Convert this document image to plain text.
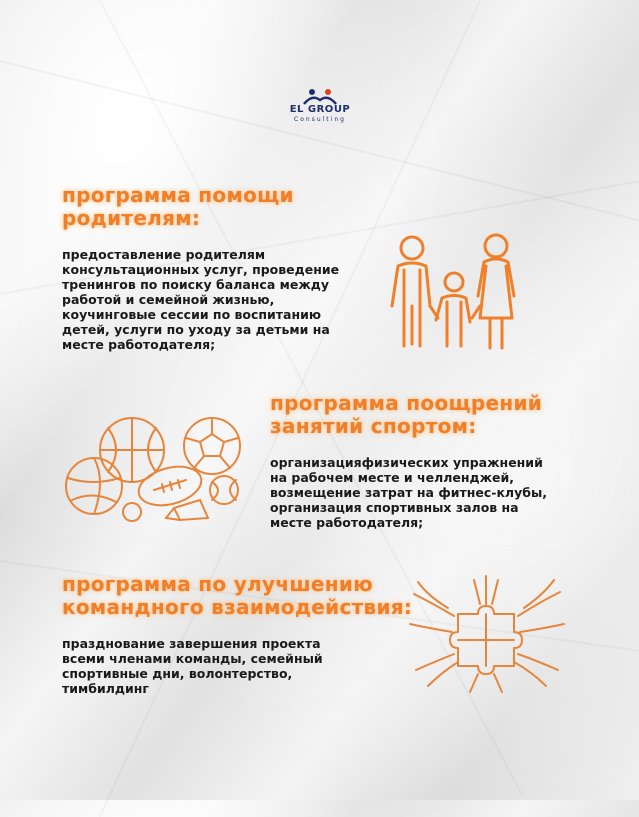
EL GROUP
Consulting
программа помощи
родителям:

предоставление родителям
консультационных услуг, проведение
тренингов по поиску баланса между
работой и семейной жизнью,
коучинговые сессии по воспитанию
детей, услуги по уходу за детьми на
месте работодателя;

программа поощрений
занятий спортом:

организацияфизических упражнений
на рабочем месте и челленджей,
возмещение затрат на фитнес-клубы,
организация спортивных залов на
месте работодателя;

программа по улучшению
командного взаимодействия:

празднование завершения проекта
всеми членами команды, семейный
спортивные дни, волонтерство,
тимбилдинг
